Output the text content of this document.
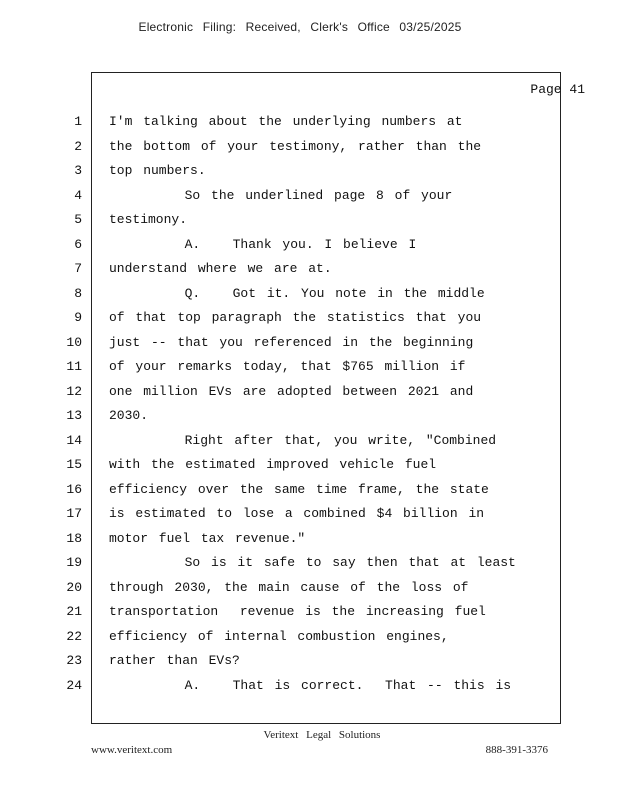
Electronic Filing: Received, Clerk's Office 03/25/2025
Page 41
1 I'm talking about the underlying numbers at
2 the bottom of your testimony, rather than the
3 top numbers.
4 So the underlined page 8 of your
5 testimony.
6 A.   Thank you. I believe I
7 understand where we are at.
8 Q.   Got it. You note in the middle
9 of that top paragraph the statistics that you
10 just -- that you referenced in the beginning
11 of your remarks today, that $765 million if
12 one million EVs are adopted between 2021 and
13 2030.
14 Right after that, you write, "Combined
15 with the estimated improved vehicle fuel
16 efficiency over the same time frame, the state
17 is estimated to lose a combined $4 billion in
18 motor fuel tax revenue."
19 So is it safe to say then that at least
20 through 2030, the main cause of the loss of
21 transportation  revenue is the increasing fuel
22 efficiency of internal combustion engines,
23 rather than EVs?
24 A.   That is correct.  That -- this is
Veritext Legal Solutions
www.veritext.com	888-391-3376
